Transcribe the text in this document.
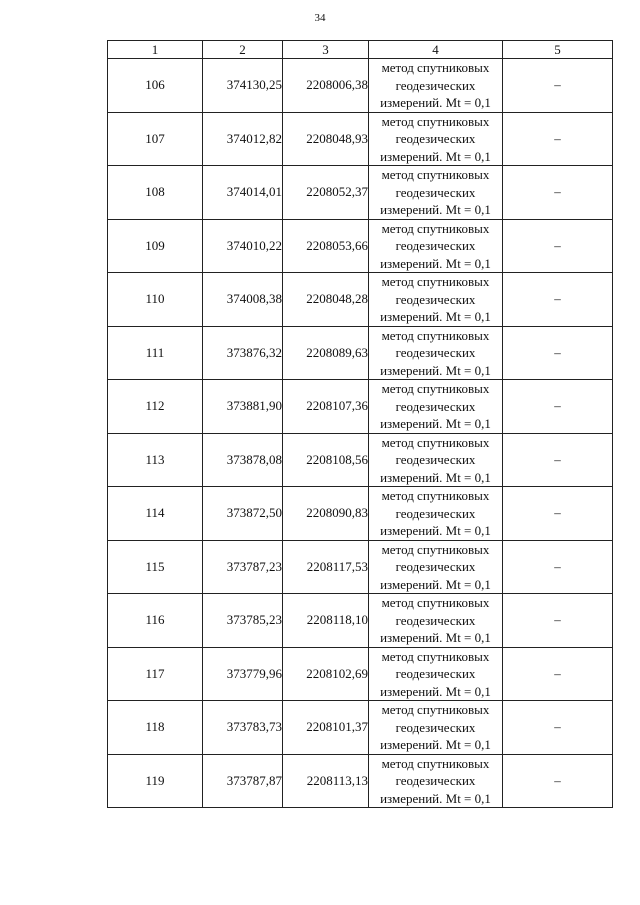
34
1	2	3	4	5
106	374130,25	2208006,38	метод спутниковых
геодезических
измерений. Mt = 0,1	–
107	374012,82	2208048,93	метод спутниковых
геодезических
измерений. Mt = 0,1	–
108	374014,01	2208052,37	метод спутниковых
геодезических
измерений. Mt = 0,1	–
109	374010,22	2208053,66	метод спутниковых
геодезических
измерений. Mt = 0,1	–
110	374008,38	2208048,28	метод спутниковых
геодезических
измерений. Mt = 0,1	–
111	373876,32	2208089,63	метод спутниковых
геодезических
измерений. Mt = 0,1	–
112	373881,90	2208107,36	метод спутниковых
геодезических
измерений. Mt = 0,1	–
113	373878,08	2208108,56	метод спутниковых
геодезических
измерений. Mt = 0,1	–
114	373872,50	2208090,83	метод спутниковых
геодезических
измерений. Mt = 0,1	–
115	373787,23	2208117,53	метод спутниковых
геодезических
измерений. Mt = 0,1	–
116	373785,23	2208118,10	метод спутниковых
геодезических
измерений. Mt = 0,1	–
117	373779,96	2208102,69	метод спутниковых
геодезических
измерений. Mt = 0,1	–
118	373783,73	2208101,37	метод спутниковых
геодезических
измерений. Mt = 0,1	–
119	373787,87	2208113,13	метод спутниковых
геодезических
измерений. Mt = 0,1	–
